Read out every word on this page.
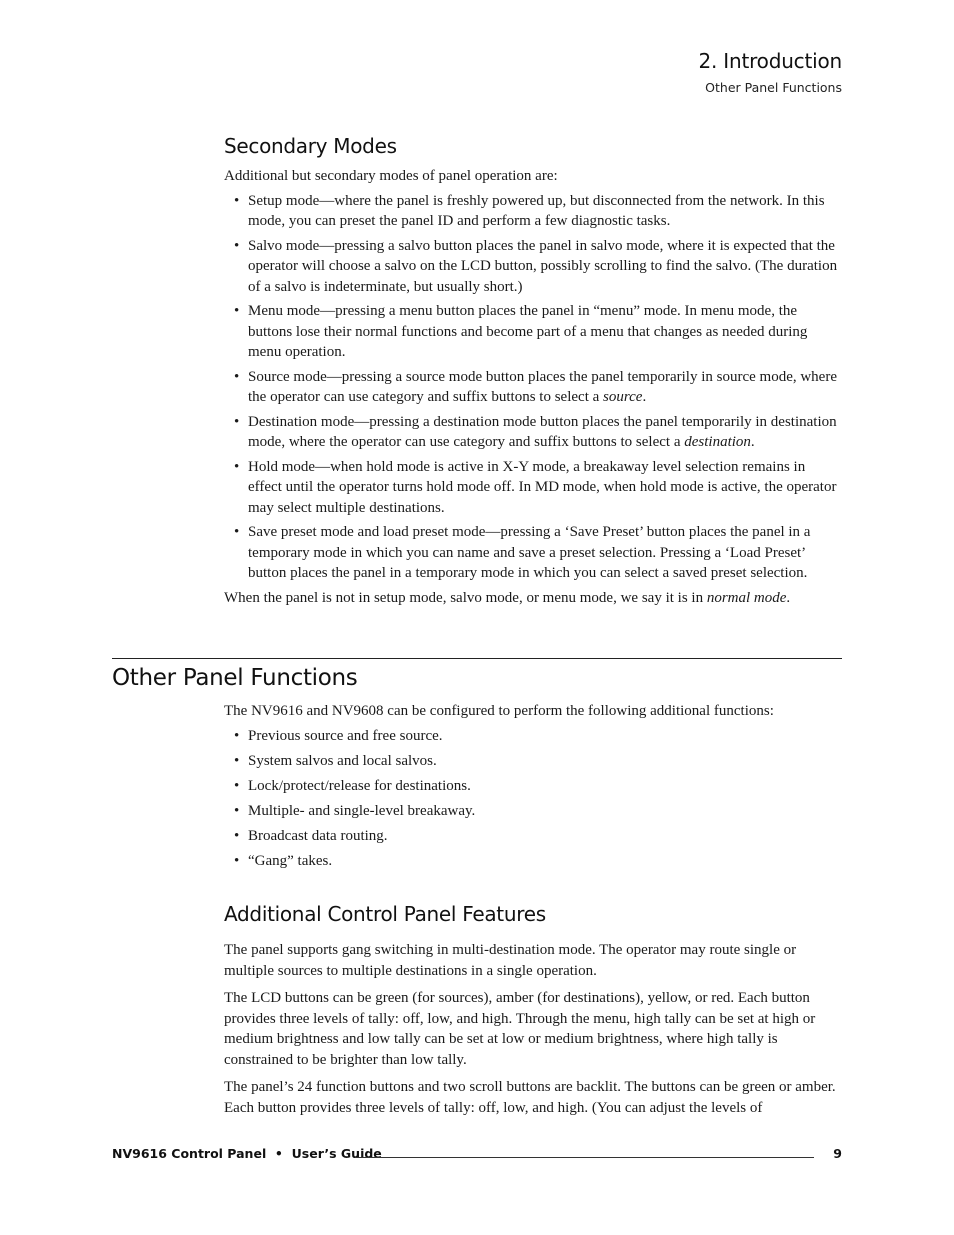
2. Introduction
Other Panel Functions
Secondary Modes

Additional but secondary modes of panel operation are:

• Setup mode—where the panel is freshly powered up, but disconnected from the network. In this mode, you can preset the panel ID and perform a few diagnostic tasks.
• Salvo mode—pressing a salvo button places the panel in salvo mode, where it is expected that the operator will choose a salvo on the LCD button, possibly scrolling to find the salvo. (The duration of a salvo is indeterminate, but usually short.)
• Menu mode—pressing a menu button places the panel in “menu” mode. In menu mode, the buttons lose their normal functions and become part of a menu that changes as needed during menu operation.
• Source mode—pressing a source mode button places the panel temporarily in source mode, where the operator can use category and suffix buttons to select a source.
• Destination mode—pressing a destination mode button places the panel temporarily in destination mode, where the operator can use category and suffix buttons to select a destination.
• Hold mode—when hold mode is active in X-Y mode, a breakaway level selection remains in effect until the operator turns hold mode off. In MD mode, when hold mode is active, the operator may select multiple destinations.
• Save preset mode and load preset mode—pressing a ‘Save Preset’ button places the panel in a temporary mode in which you can name and save a preset selection. Pressing a ‘Load Preset’ button places the panel in a temporary mode in which you can select a saved preset selection.

When the panel is not in setup mode, salvo mode, or menu mode, we say it is in normal mode.

Other Panel Functions

The NV9616 and NV9608 can be configured to perform the following additional functions:

• Previous source and free source.
• System salvos and local salvos.
• Lock/protect/release for destinations.
• Multiple- and single-level breakaway.
• Broadcast data routing.
• “Gang” takes.
Additional Control Panel Features

The panel supports gang switching in multi-destination mode. The operator may route single or multiple sources to multiple destinations in a single operation.

The LCD buttons can be green (for sources), amber (for destinations), yellow, or red. Each button provides three levels of tally: off, low, and high. Through the menu, high tally can be set at high or medium brightness and low tally can be set at low or medium brightness, where high tally is constrained to be brighter than low tally.

The panel’s 24 function buttons and two scroll buttons are backlit. The buttons can be green or amber. Each button provides three levels of tally: off, low, and high. (You can adjust the levels of

NV9616 Control Panel  •  User’s Guide	9
